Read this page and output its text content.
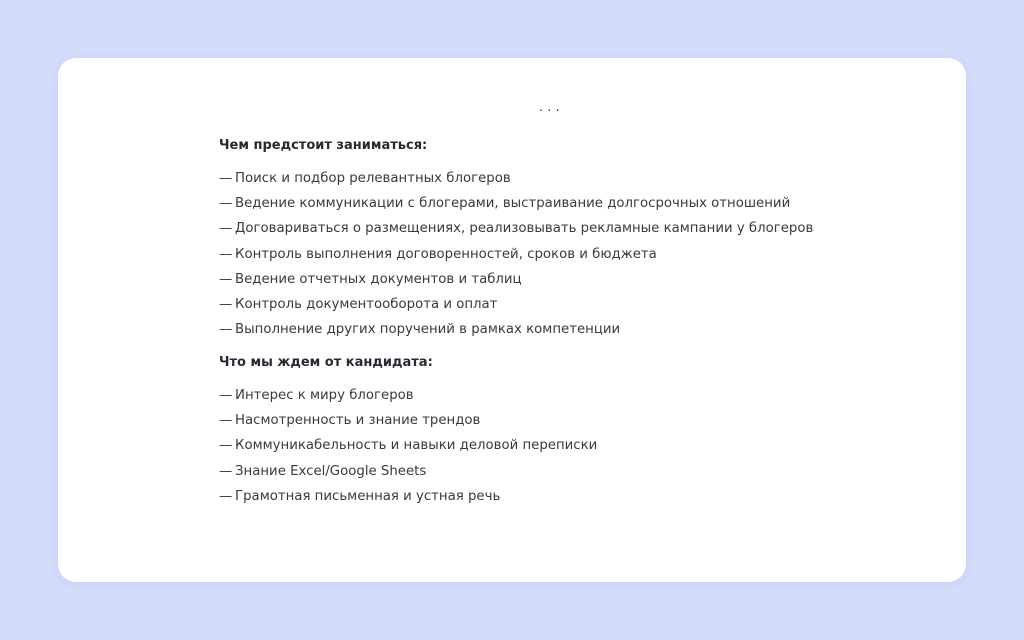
. . .
Чем предстоит заниматься:
— Поиск и подбор релевантных блогеров
— Ведение коммуникации с блогерами, выстраивание долгосрочных отношений
— Договариваться о размещениях, реализовывать рекламные кампании у блогеров
— Контроль выполнения договоренностей, сроков и бюджета
— Ведение отчетных документов и таблиц
— Контроль документооборота и оплат
— Выполнение других поручений в рамках компетенции
Что мы ждем от кандидата:
— Интерес к миру блогеров
— Насмотренность и знание трендов
— Коммуникабельность и навыки деловой переписки
— Знание Excel/Google Sheets
— Грамотная письменная и устная речь
